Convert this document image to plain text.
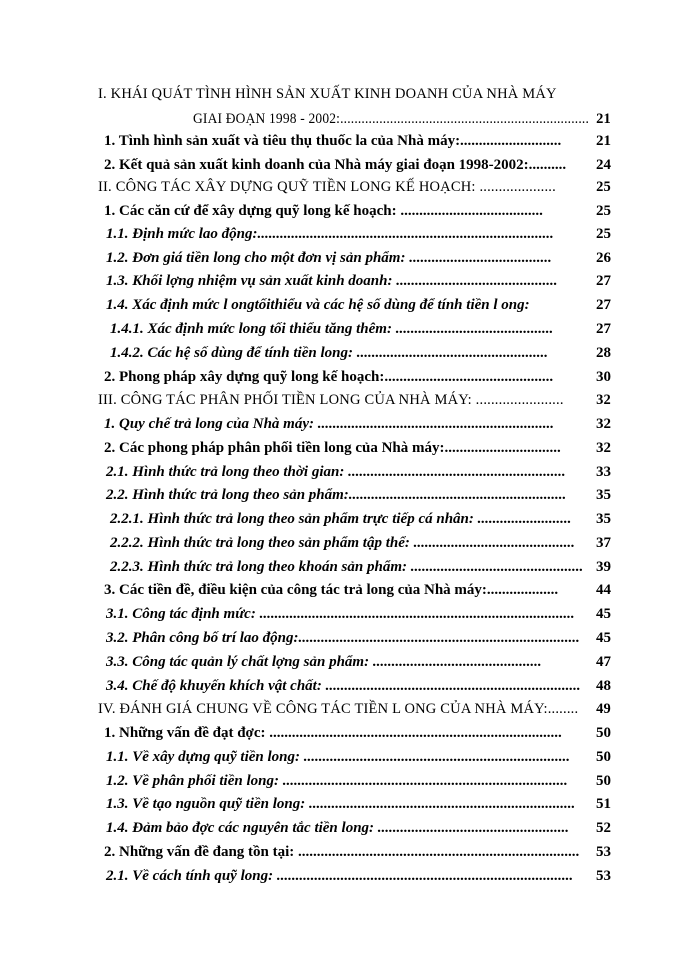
I. KHÁI QUÁT TÌNH HÌNH SẢN XUẤT KINH DOANH CỦA NHÀ MÁY
GIAI ĐOẠN 1998 - 2002:...................................................................... 21
1. Tình hình sản xuất và tiêu thụ thuốc la của Nhà máy:........................... 21
2. Kết quả sản xuất kinh doanh của Nhà máy giai đoạn 1998-2002:.......... 24
II. CÔNG TÁC XÂY DỰNG QUỸ TIỀN LONG KẾ HOẠCH: ....................	25
1. Các căn cứ để xây dựng quỹ long kế hoạch: ......................................	25
1.1. Định mức lao động:...............................................................................	25
1.2. Đơn giá tiền long cho một đơn vị sản phẩm: ......................................	26
1.3. Khối lợng nhiệm vụ sản xuất kinh doanh: ...........................................	27
1.4. Xác định mức l ongtốithiểu và các hệ số dùng để tính tiền l ong:	27
1.4.1. Xác định mức long tối thiểu tăng thêm: ..........................................	27
1.4.2. Các hệ số dùng để tính tiền long: ...................................................	28
2. Phong pháp xây dựng quỹ long kế hoạch:.............................................	30
III. CÔNG TÁC PHÂN PHỐI TIỀN LONG CỦA NHÀ MÁY: ....................... 32
1. Quy chế trả long của Nhà máy: ...............................................................	32
2. Các phong pháp phân phối tiền long của Nhà máy:............................... 32
2.1. Hình thức trả long theo thời gian: .......................................................... 33
2.2. Hình thức trả long theo sản phẩm:.......................................................... 35
2.2.1. Hình thức trả long theo sản phẩm trực tiếp cá nhân: ......................... 35
2.2.2. Hình thức trả long theo sản phẩm tập thể: ........................................... 37
2.2.3. Hình thức trả long theo khoán sản phẩm: .............................................. 39
3. Các tiền đề, điều kiện của công tác trả long của Nhà máy:...................	44
3.1. Công tác định mức: .................................................................................... 45
3.2. Phân công bố trí lao động:........................................................................... 45
3.3. Công tác quản lý chất lợng sản phẩm: .............................................	47
3.4. Chế độ khuyến khích vật chất: .................................................................... 48
IV. ĐÁNH GIÁ CHUNG VỀ CÔNG TÁC TIỀN L ONG CỦA NHÀ MÁY:........ 49
1. Những vấn đề đạt đợc: .............................................................................. 50
1.1. Về xây dựng quỹ tiền long: ....................................................................... 50
1.2. Về phân phối tiền long: ............................................................................ 50
1.3. Về tạo nguồn quỹ tiền long: ....................................................................... 51
1.4. Đảm bảo đợc các nguyên tắc tiền long: ................................................... 52
2. Những vấn đề đang tồn tại: ........................................................................... 53
2.1. Về cách tính quỹ long: ............................................................................... 53
